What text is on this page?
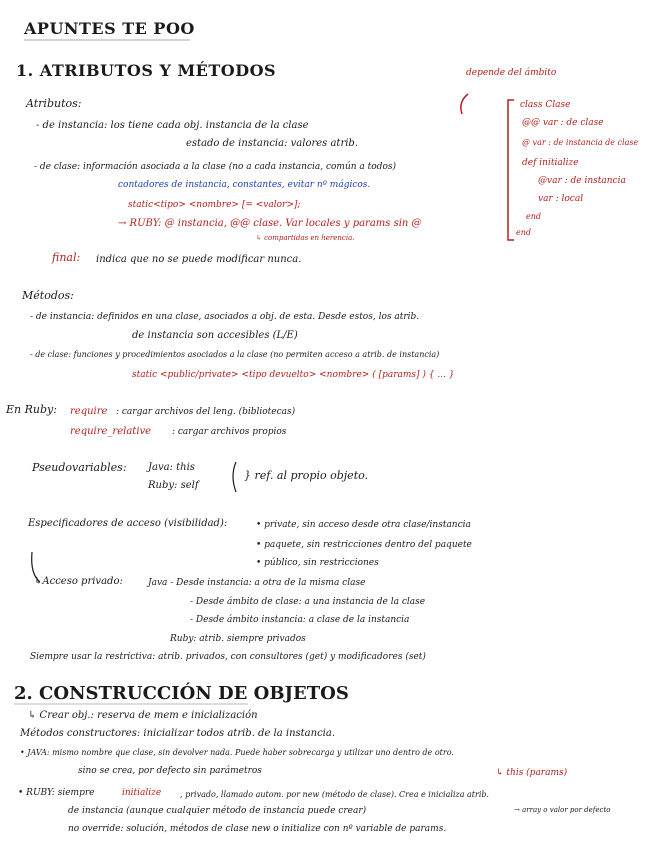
APUNTES TE POO
1. ATRIBUTOS Y MÉTODOS	depende del ámbito
class Clase
@@ var : de clase
@ var : de instancia de clase
def initialize
@var : de instancia
var : local
end
end
Atributos:
- de instancia: los tiene cada obj. instancia de la clase
estado de instancia: valores atrib.
- de clase: información asociada a la clase (no a cada instancia, común a todos)
contadores de instancia, constantes, evitar nº mágicos.
static<tipo> <nombre> [= <valor>];
→ RUBY: @ instancia, @@ clase. Var locales y params sin @
↳ compartidas en herencia.
final: indica que no se puede modificar nunca.
Métodos:
- de instancia: definidos en una clase, asociados a obj. de esta. Desde estos, los atrib.
de instancia son accesibles (L/E)
- de clase: funciones y procedimientos asociados a la clase (no permiten acceso a atrib. de instancia)
static <public/private> <tipo devuelto> <nombre> ( [params] ) { ... }
En Ruby: require : cargar archivos del leng. (bibliotecas)
require_relative : cargar archivos propios
Pseudovariables: Java: this
Ruby: self
} ref. al propio objeto.
Especificadores de acceso (visibilidad):	• private, sin acceso desde otra clase/instancia
• paquete, sin restricciones dentro del paquete
• público, sin restricciones
↳Acceso privado:	Java - Desde instancia: a otra de la misma clase
- Desde ámbito de clase: a una instancia de la clase
- Desde ámbito instancia: a clase de la instancia
Ruby: atrib. siempre privados
Siempre usar la restrictiva: atrib. privados, con consultores (get) y modificadores (set)
2. CONSTRUCCIÓN DE OBJETOS
↳ Crear obj.: reserva de mem e inicialización
Métodos constructores: inicializar todos atrib. de la instancia.
• JAVA: mismo nombre que clase, sin devolver nada. Puede haber sobrecarga y utilizar uno dentro de otro.
sino se crea, por defecto sin parámetros	↳ this (params)
• RUBY: siempre	initialize , privado, llamado autom. por new (método de clase). Crea e inicializa atrib.
de instancia (aunque cualquier método de instancia puede crear)	→ array o valor por defecto
no override: solución, métodos de clase new o initialize con nº variable de params.
